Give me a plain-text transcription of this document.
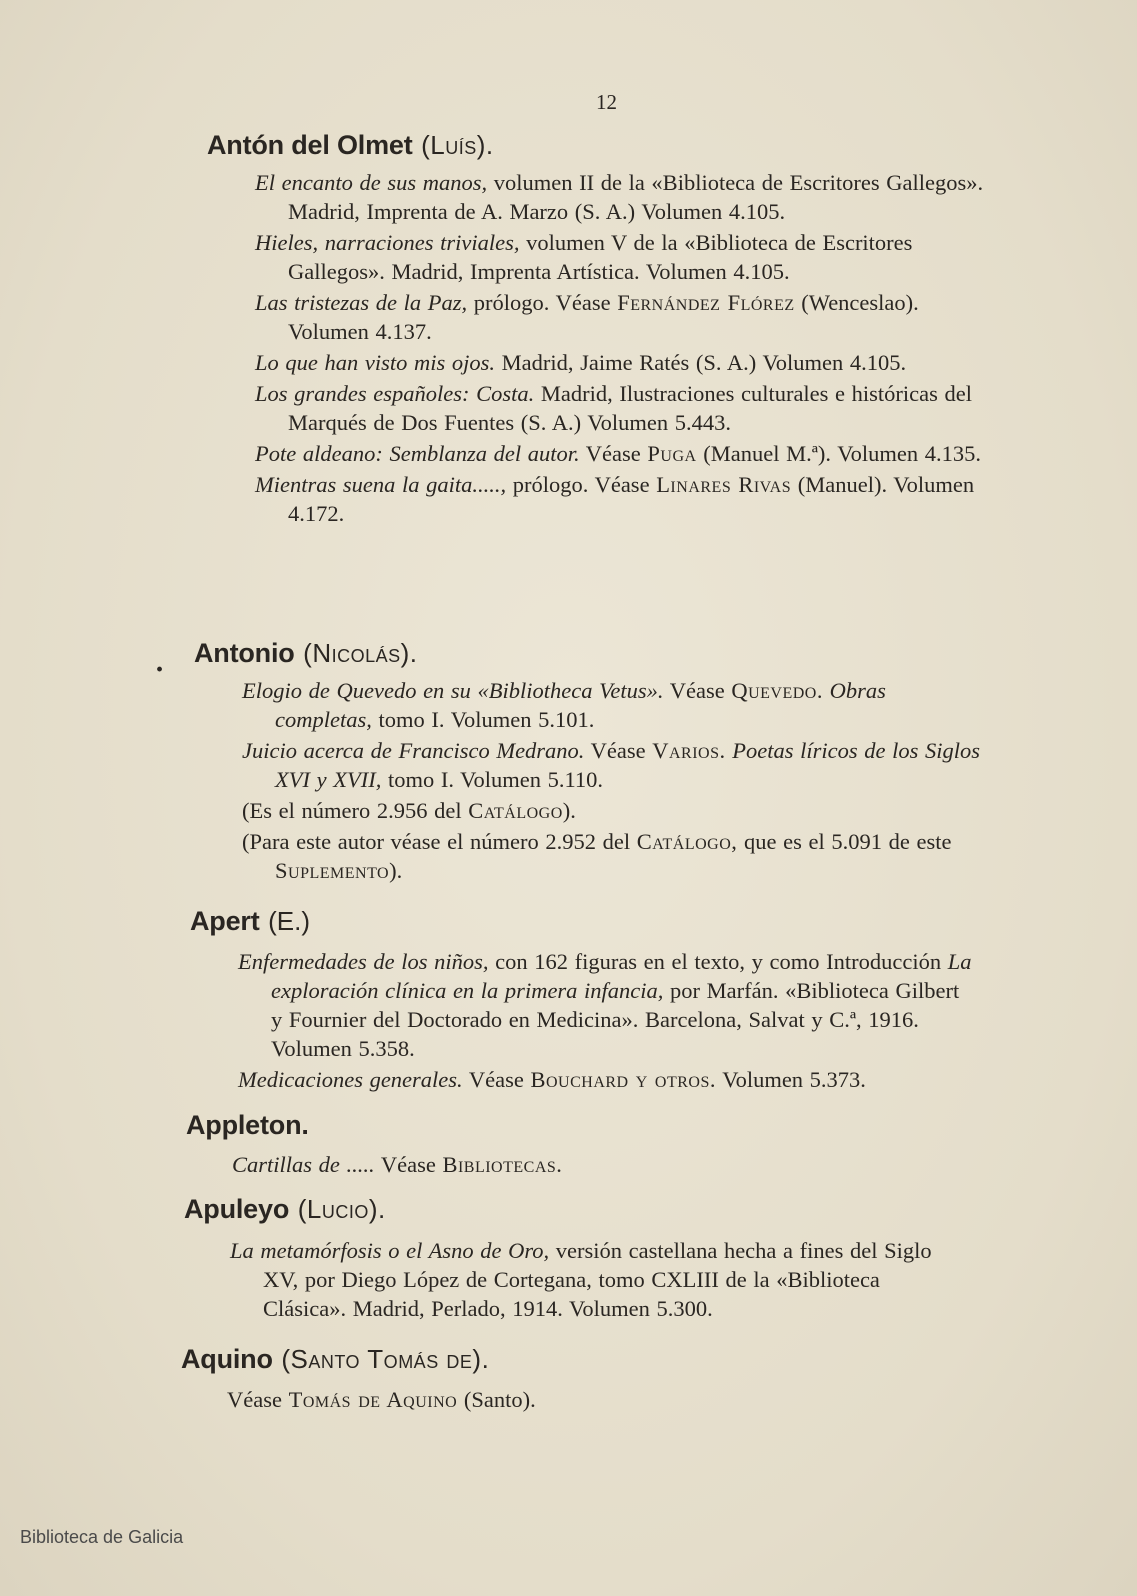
12
Antón del Olmet (Luís).
El encanto de sus manos, volumen II de la «Biblioteca de Escritores Gallegos». Madrid, Imprenta de A. Marzo (S. A.) Volumen 4.105.
Hieles, narraciones triviales, volumen V de la «Biblioteca de Escritores Gallegos». Madrid, Imprenta Artística. Volumen 4.105.
Las tristezas de la Paz, prólogo. Véase Fernández Flórez (Wenceslao). Volumen 4.137.
Lo que han visto mis ojos. Madrid, Jaime Ratés (S. A.) Volumen 4.105.
Los grandes españoles: Costa. Madrid, Ilustraciones culturales e históricas del Marqués de Dos Fuentes (S. A.) Volumen 5.443.
Pote aldeano: Semblanza del autor. Véase Puga (Manuel M.ª). Volumen 4.135.
Mientras suena la gaita....., prólogo. Véase Linares Rivas (Manuel). Volumen 4.172.
. Antonio (Nicolás).
Elogio de Quevedo en su «Bibliotheca Vetus». Véase Quevedo. Obras completas, tomo I. Volumen 5.101.
Juicio acerca de Francisco Medrano. Véase Varios. Poetas líricos de los Siglos XVI y XVII, tomo I. Volumen 5.110.
(Es el número 2.956 del Catálogo).
(Para este autor véase el número 2.952 del Catálogo, que es el 5.091 de este Suplemento).
Apert (E.)
Enfermedades de los niños, con 162 figuras en el texto, y como Introducción La exploración clínica en la primera infancia, por Marfán. «Biblioteca Gilbert y Fournier del Doctorado en Medicina». Barcelona, Salvat y C.ª, 1916. Volumen 5.358.
Medicaciones generales. Véase Bouchard y otros. Volumen 5.373.
Appleton.
Cartillas de ..... Véase Bibliotecas.
Apuleyo (Lucio).
La metamórfosis o el Asno de Oro, versión castellana hecha a fines del Siglo XV, por Diego López de Cortegana, tomo CXLIII de la «Biblioteca Clásica». Madrid, Perlado, 1914. Volumen 5.300.
Aquino (Santo Tomás de).
Véase Tomás de Aquino (Santo).
Biblioteca de Galicia
